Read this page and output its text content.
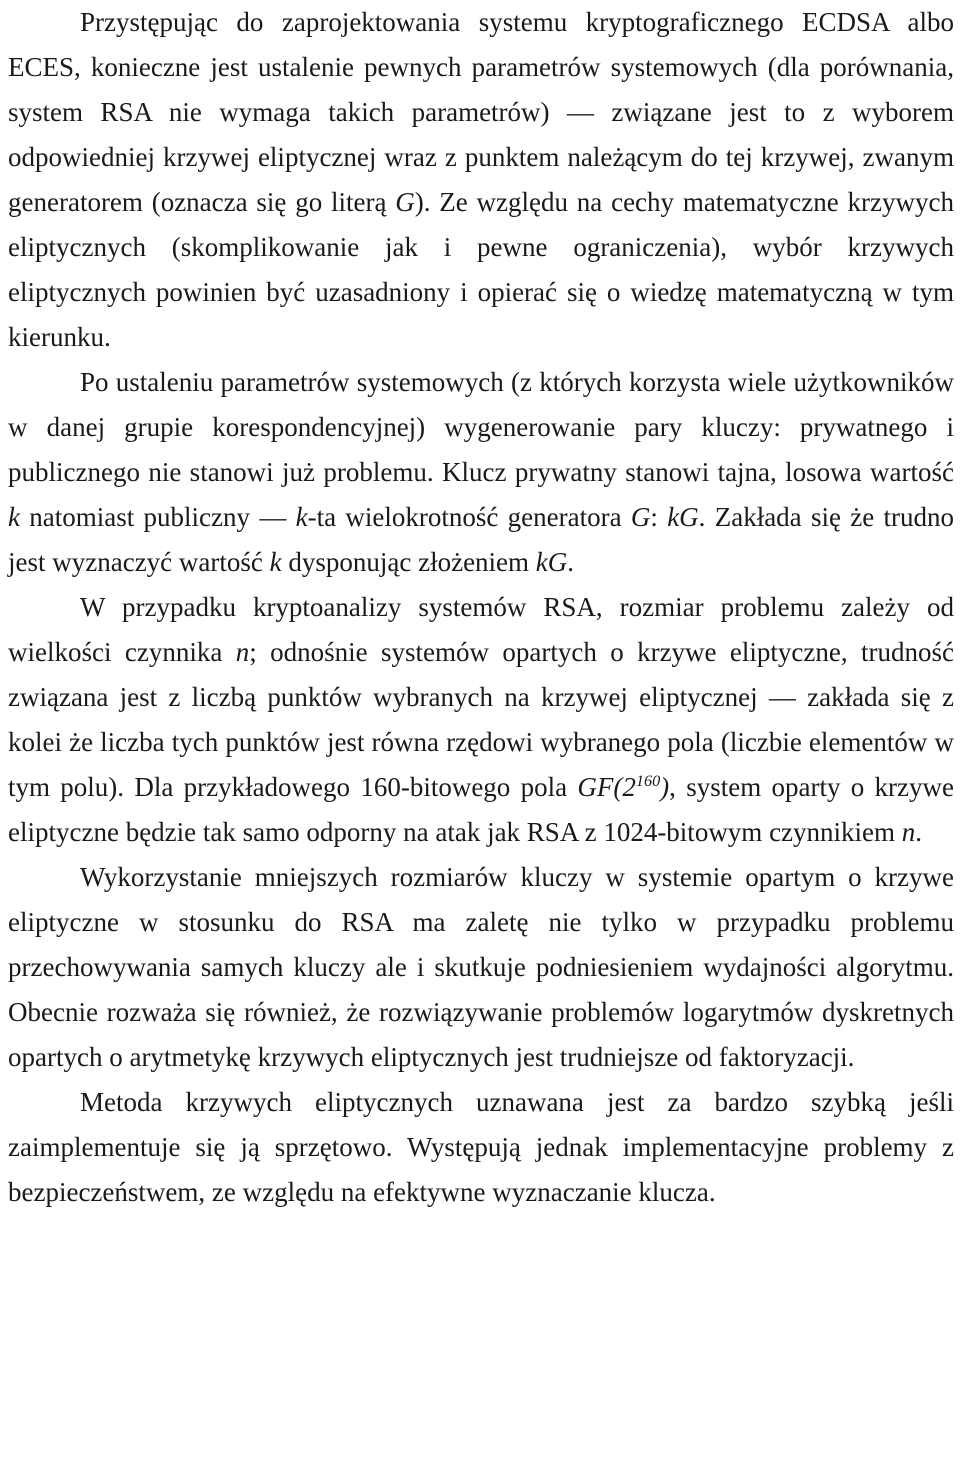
Przystępując do zaprojektowania systemu kryptograficznego ECDSA albo ECES, konieczne jest ustalenie pewnych parametrów systemowych (dla porównania, system RSA nie wymaga takich parametrów) — związane jest to z wyborem odpowiedniej krzywej eliptycznej wraz z punktem należącym do tej krzywej, zwanym generatorem (oznacza się go literą G). Ze względu na cechy matematyczne krzywych eliptycznych (skomplikowanie jak i pewne ograniczenia), wybór krzywych eliptycznych powinien być uzasadniony i opierać się o wiedzę matematyczną w tym kierunku.

Po ustaleniu parametrów systemowych (z których korzysta wiele użytkowników w danej grupie korespondencyjnej) wygenerowanie pary kluczy: prywatnego i publicznego nie stanowi już problemu. Klucz prywatny stanowi tajna, losowa wartość k natomiast publiczny — k-ta wielokrotność generatora G: kG. Zakłada się że trudno jest wyznaczyć wartość k dysponując złożeniem kG.

W przypadku kryptoanalizy systemów RSA, rozmiar problemu zależy od wielkości czynnika n; odnośnie systemów opartych o krzywe eliptyczne, trudność związana jest z liczbą punktów wybranych na krzywej eliptycznej — zakłada się z kolei że liczba tych punktów jest równa rzędowi wybranego pola (liczbie elementów w tym polu). Dla przykładowego 160-bitowego pola $GF(2^{160})$, system oparty o krzywe eliptyczne będzie tak samo odporny na atak jak RSA z 1024-bitowym czynnikiem n.

Wykorzystanie mniejszych rozmiarów kluczy w systemie opartym o krzywe eliptyczne w stosunku do RSA ma zaletę nie tylko w przypadku problemu przechowywania samych kluczy ale i skutkuje podniesieniem wydajności algorytmu. Obecnie rozważa się również, że rozwiązywanie problemów logarytmów dyskretnych opartych o arytmetykę krzywych eliptycznych jest trudniejsze od faktoryzacji.

Metoda krzywych eliptycznych uznawana jest za bardzo szybką jeśli zaimplementuje się ją sprzętowo. Występują jednak implementacyjne problemy z bezpieczeństwem, ze względu na efektywne wyznaczanie klucza.
